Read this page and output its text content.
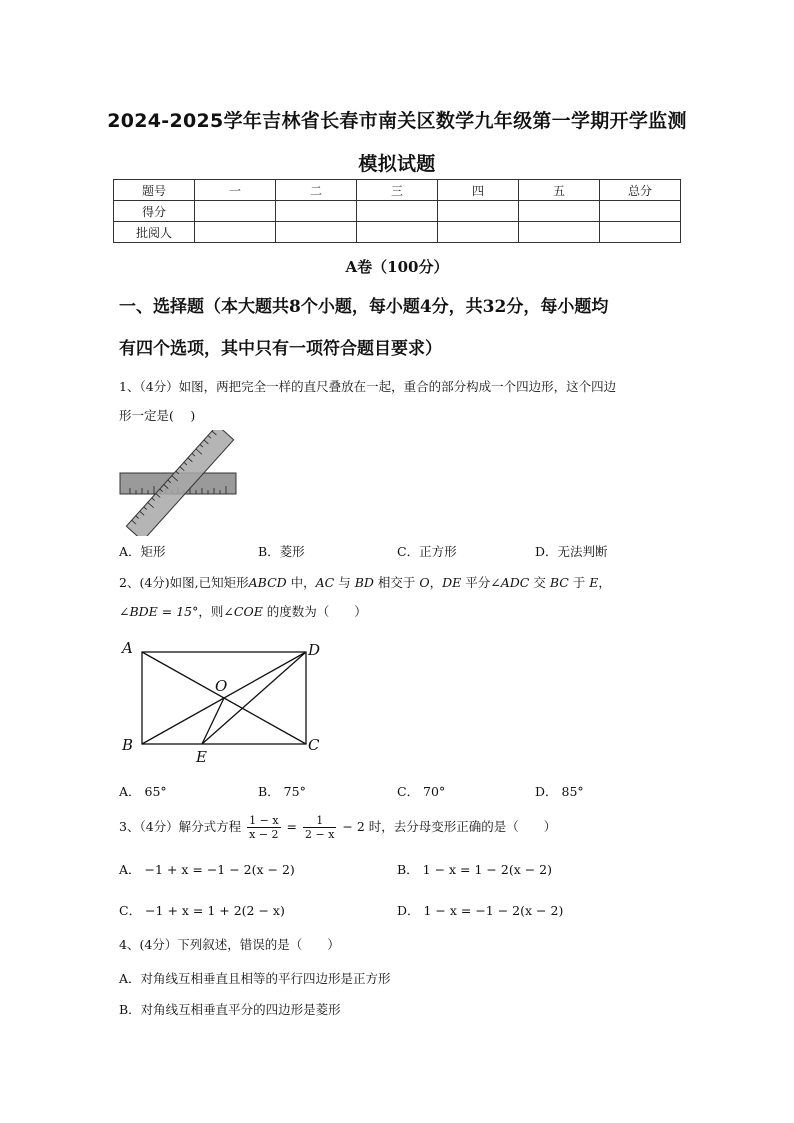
2024-2025学年吉林省长春市南关区数学九年级第一学期开学监测
模拟试题
题号	一	二	三	四	五	总分
得分						
批阅人						
A卷（100分）
一、选择题（本大题共8个小题，每小题4分，共32分，每小题均
有四个选项，其中只有一项符合题目要求）
1、（4分）如图，两把完全一样的直尺叠放在一起，重合的部分构成一个四边形，这个四边
形一定是(　 )
A．矩形	B．菱形	C．正方形	D．无法判断
2、(4分)如图,已知矩形ABCD 中，AC 与 BD 相交于 O，DE 平分∠ADC 交 BC 于 E，
∠BDE = 15°，则∠COE 的度数为（　　）
A	D
O
B
E
C
A． 65°	B． 75°	C． 70°	D． 85°
3、（4分）解分式方程 $\frac{1 - x}{x - 2} = \frac{1}{2 - x} - 2$ 时，去分母变形正确的是（　　）
A． −1 + x = −1 − 2(x − 2)	B． 1 − x = 1 − 2(x − 2)
C． −1 + x = 1 + 2(2 − x)	D． 1 − x = −1 − 2(x − 2)
4、(4分）下列叙述，错误的是（　　）
A．对角线互相垂直且相等的平行四边形是正方形
B．对角线互相垂直平分的四边形是菱形
